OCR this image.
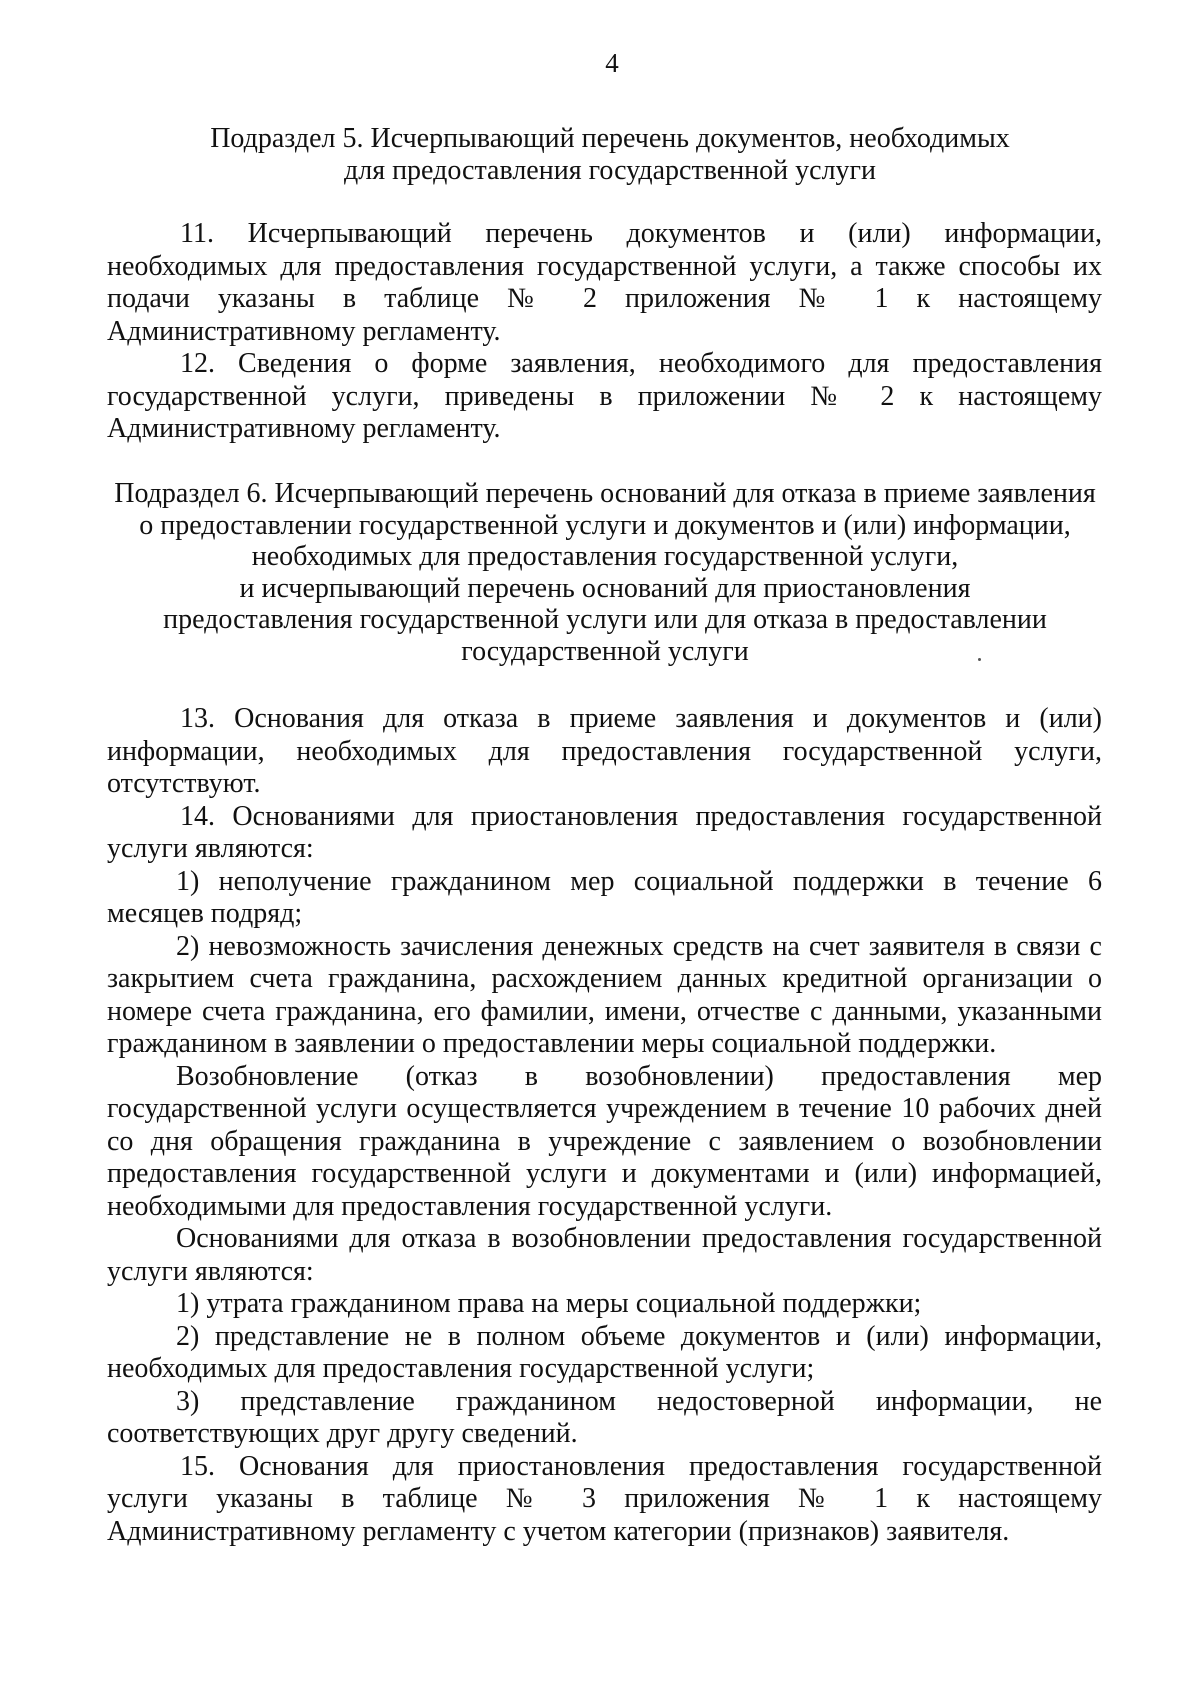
4
Подраздел 5. Исчерпывающий перечень документов, необходимых
для предоставления государственной услуги

11. Исчерпывающий перечень документов и (или) информации, необходимых для предоставления государственной услуги, а также способы их подачи указаны в таблице № 2 приложения № 1 к настоящему Административному регламенту.

12. Сведения о форме заявления, необходимого для предоставления государственной услуги, приведены в приложении № 2 к настоящему Административному регламенту.

Подраздел 6. Исчерпывающий перечень оснований для отказа в приеме заявления
о предоставлении государственной услуги и документов и (или) информации,
необходимых для предоставления государственной услуги,
и исчерпывающий перечень оснований для приостановления
предоставления государственной услуги или для отказа в предоставлении
государственной услуги

13. Основания для отказа в приеме заявления и документов и (или) информации, необходимых для предоставления государственной услуги, отсутствуют.

14. Основаниями для приостановления предоставления государственной услуги являются:

1) неполучение гражданином мер социальной поддержки в течение 6 месяцев подряд;

2) невозможность зачисления денежных средств на счет заявителя в связи с закрытием счета гражданина, расхождением данных кредитной организации о номере счета гражданина, его фамилии, имени, отчестве с данными, указанными гражданином в заявлении о предоставлении меры социальной поддержки.

Возобновление (отказ в возобновлении) предоставления мер государственной услуги осуществляется учреждением в течение 10 рабочих дней со дня обращения гражданина в учреждение с заявлением о возобновлении предоставления государственной услуги и документами и (или) информацией, необходимыми для предоставления государственной услуги.

Основаниями для отказа в возобновлении предоставления государственной услуги являются:

1) утрата гражданином права на меры социальной поддержки;

2) представление не в полном объеме документов и (или) информации, необходимых для предоставления государственной услуги;

3) представление гражданином недостоверной информации, не соответствующих друг другу сведений.

15. Основания для приостановления предоставления государственной услуги указаны в таблице № 3 приложения № 1 к настоящему Административному регламенту с учетом категории (признаков) заявителя.
